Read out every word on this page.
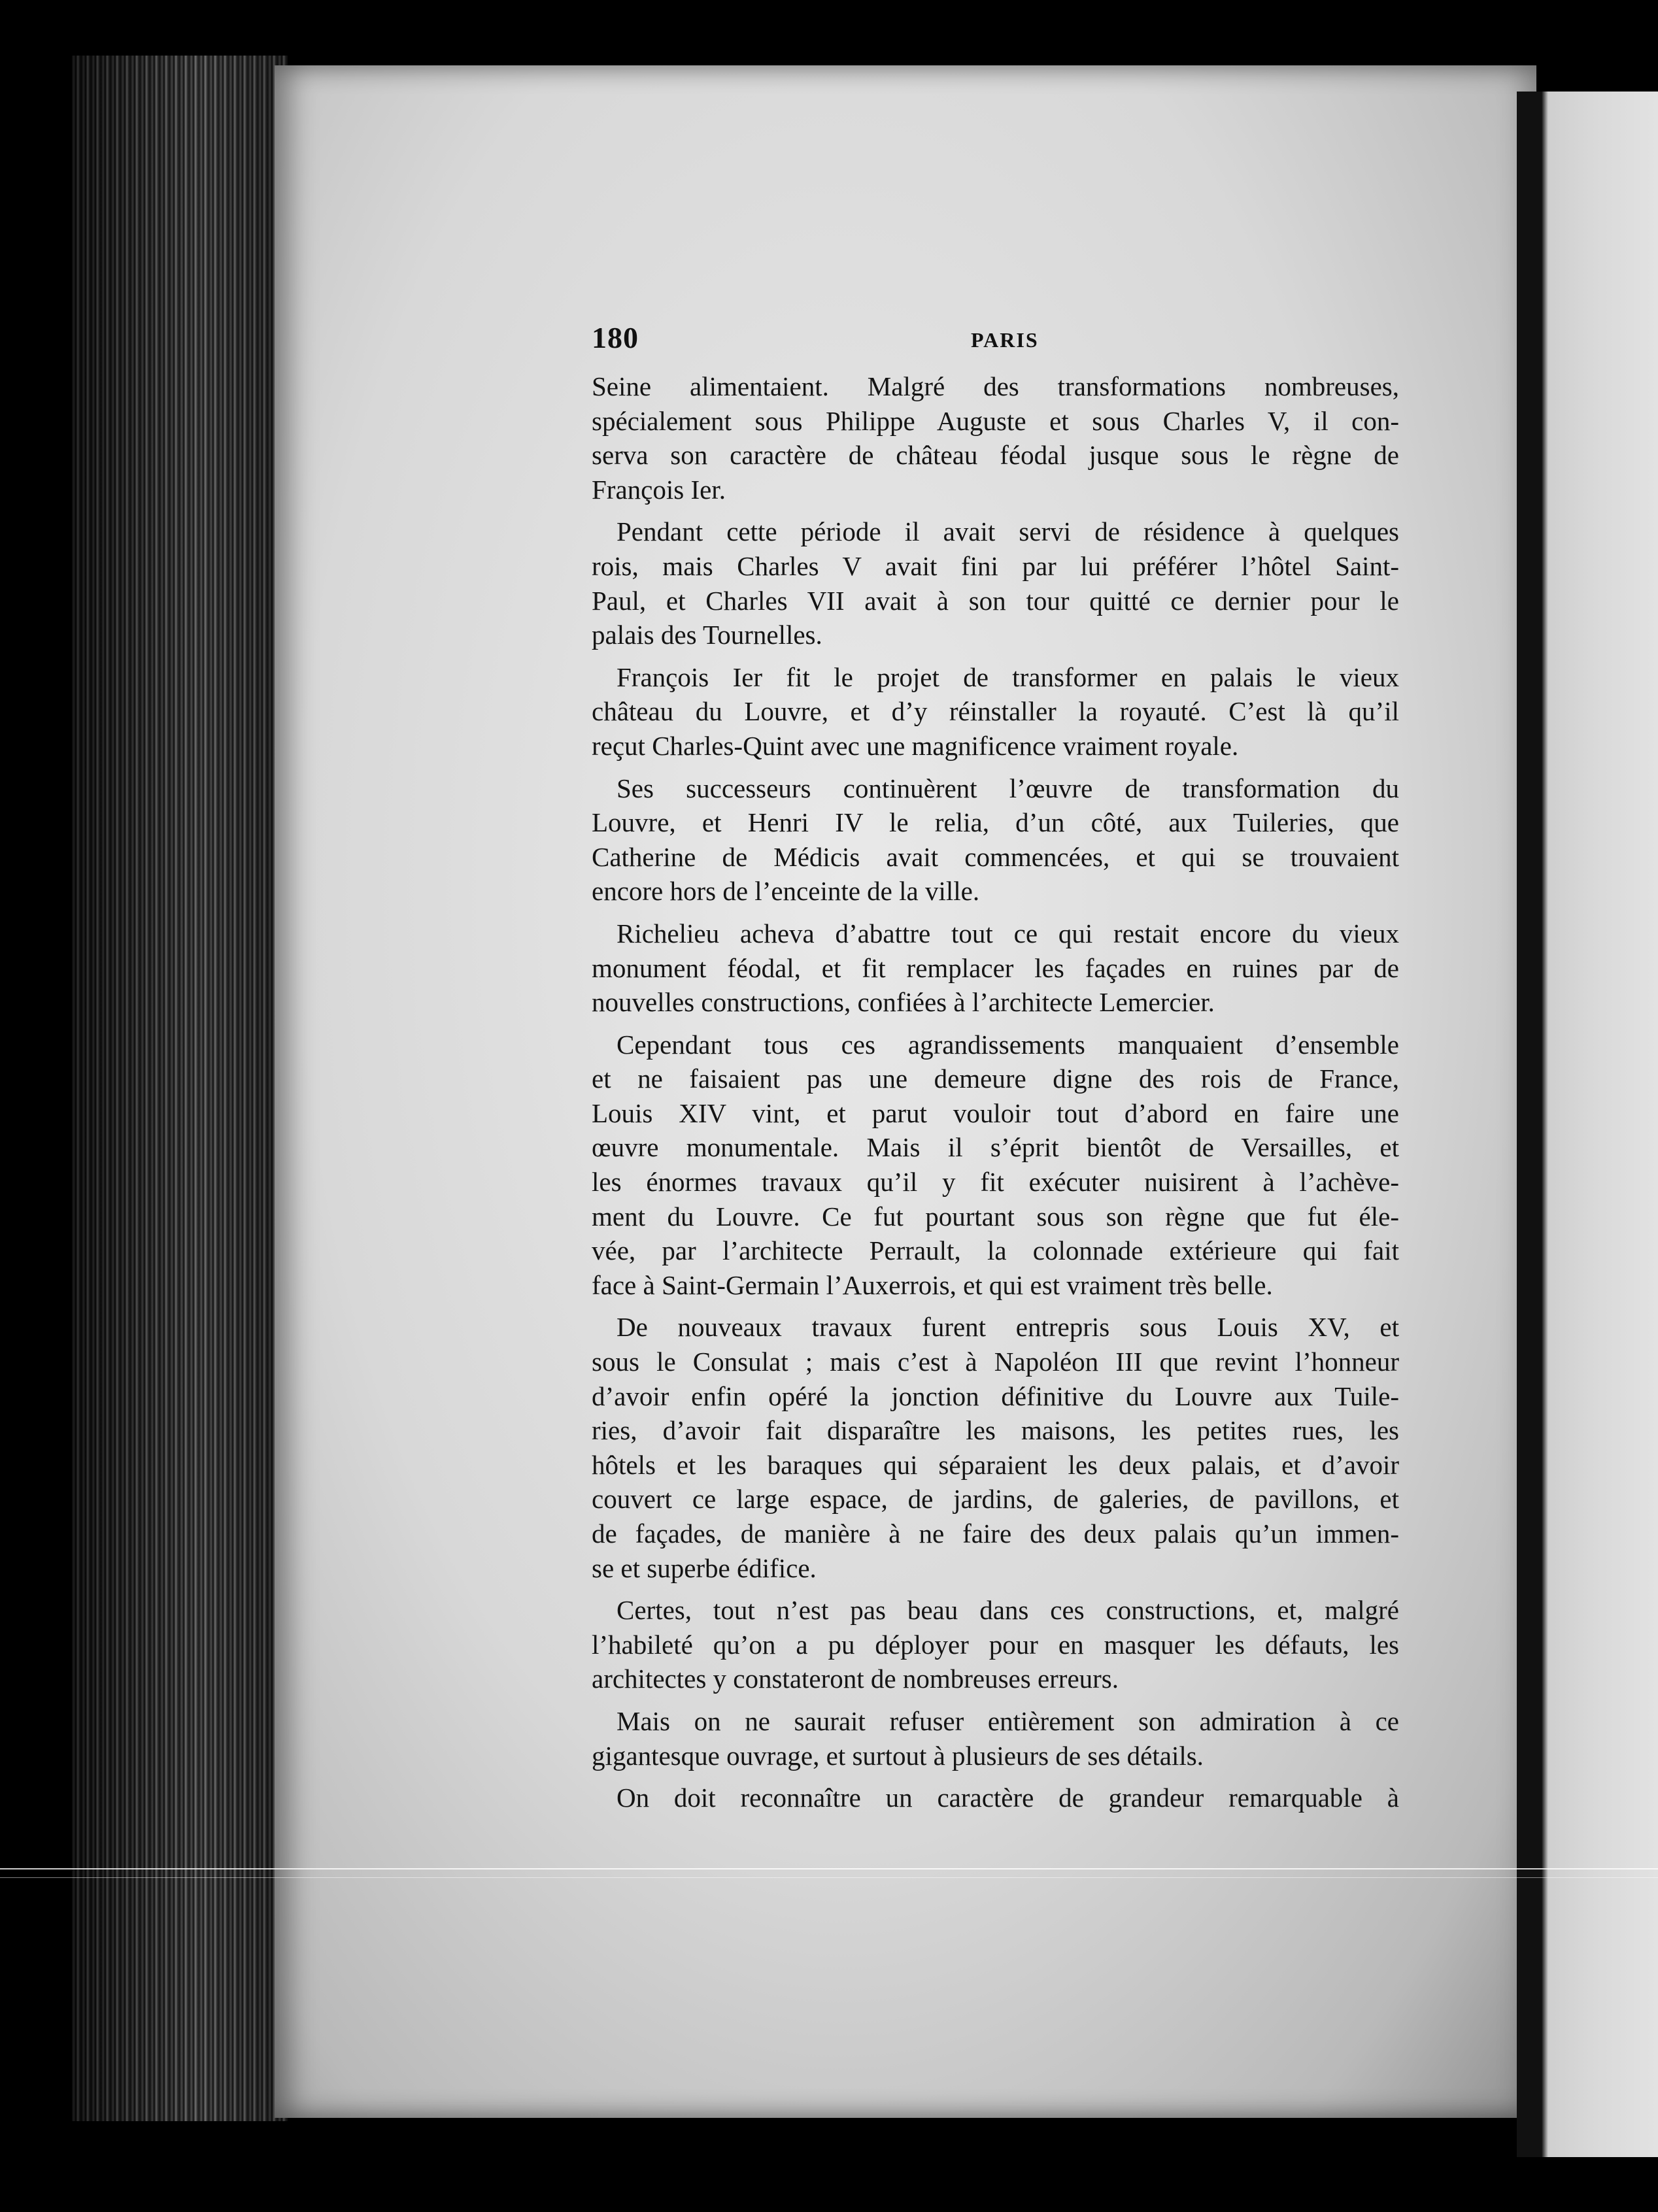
180	PARIS
Seine alimentaient. Malgré des transformations nombreuses,
spécialement sous Philippe Auguste et sous Charles V, il con-
serva son caractère de château féodal jusque sous le règne de
François Ier.
Pendant cette période il avait servi de résidence à quelques
rois, mais Charles V avait fini par lui préférer l’hôtel Saint-
Paul, et Charles VII avait à son tour quitté ce dernier pour le
palais des Tournelles.
François Ier fit le projet de transformer en palais le vieux
château du Louvre, et d’y réinstaller la royauté. C’est là qu’il
reçut Charles-Quint avec une magnificence vraiment royale.
Ses successeurs continuèrent l’œuvre de transformation du
Louvre, et Henri IV le relia, d’un côté, aux Tuileries, que
Catherine de Médicis avait commencées, et qui se trouvaient
encore hors de l’enceinte de la ville.
Richelieu acheva d’abattre tout ce qui restait encore du vieux
monument féodal, et fit remplacer les façades en ruines par de
nouvelles constructions, confiées à l’architecte Lemercier.
Cependant tous ces agrandissements manquaient d’ensemble
et ne faisaient pas une demeure digne des rois de France,
Louis XIV vint, et parut vouloir tout d’abord en faire une
œuvre monumentale. Mais il s’éprit bientôt de Versailles, et
les énormes travaux qu’il y fit exécuter nuisirent à l’achève-
ment du Louvre. Ce fut pourtant sous son règne que fut éle-
vée, par l’architecte Perrault, la colonnade extérieure qui fait
face à Saint-Germain l’Auxerrois, et qui est vraiment très belle.
De nouveaux travaux furent entrepris sous Louis XV, et
sous le Consulat ; mais c’est à Napoléon III que revint l’honneur
d’avoir enfin opéré la jonction définitive du Louvre aux Tuile-
ries, d’avoir fait disparaître les maisons, les petites rues, les
hôtels et les baraques qui séparaient les deux palais, et d’avoir
couvert ce large espace, de jardins, de galeries, de pavillons, et
de façades, de manière à ne faire des deux palais qu’un immen-
se et superbe édifice.
Certes, tout n’est pas beau dans ces constructions, et, malgré
l’habileté qu’on a pu déployer pour en masquer les défauts, les
architectes y constateront de nombreuses erreurs.
Mais on ne saurait refuser entièrement son admiration à ce
gigantesque ouvrage, et surtout à plusieurs de ses détails.
On doit reconnaître un caractère de grandeur remarquable à
